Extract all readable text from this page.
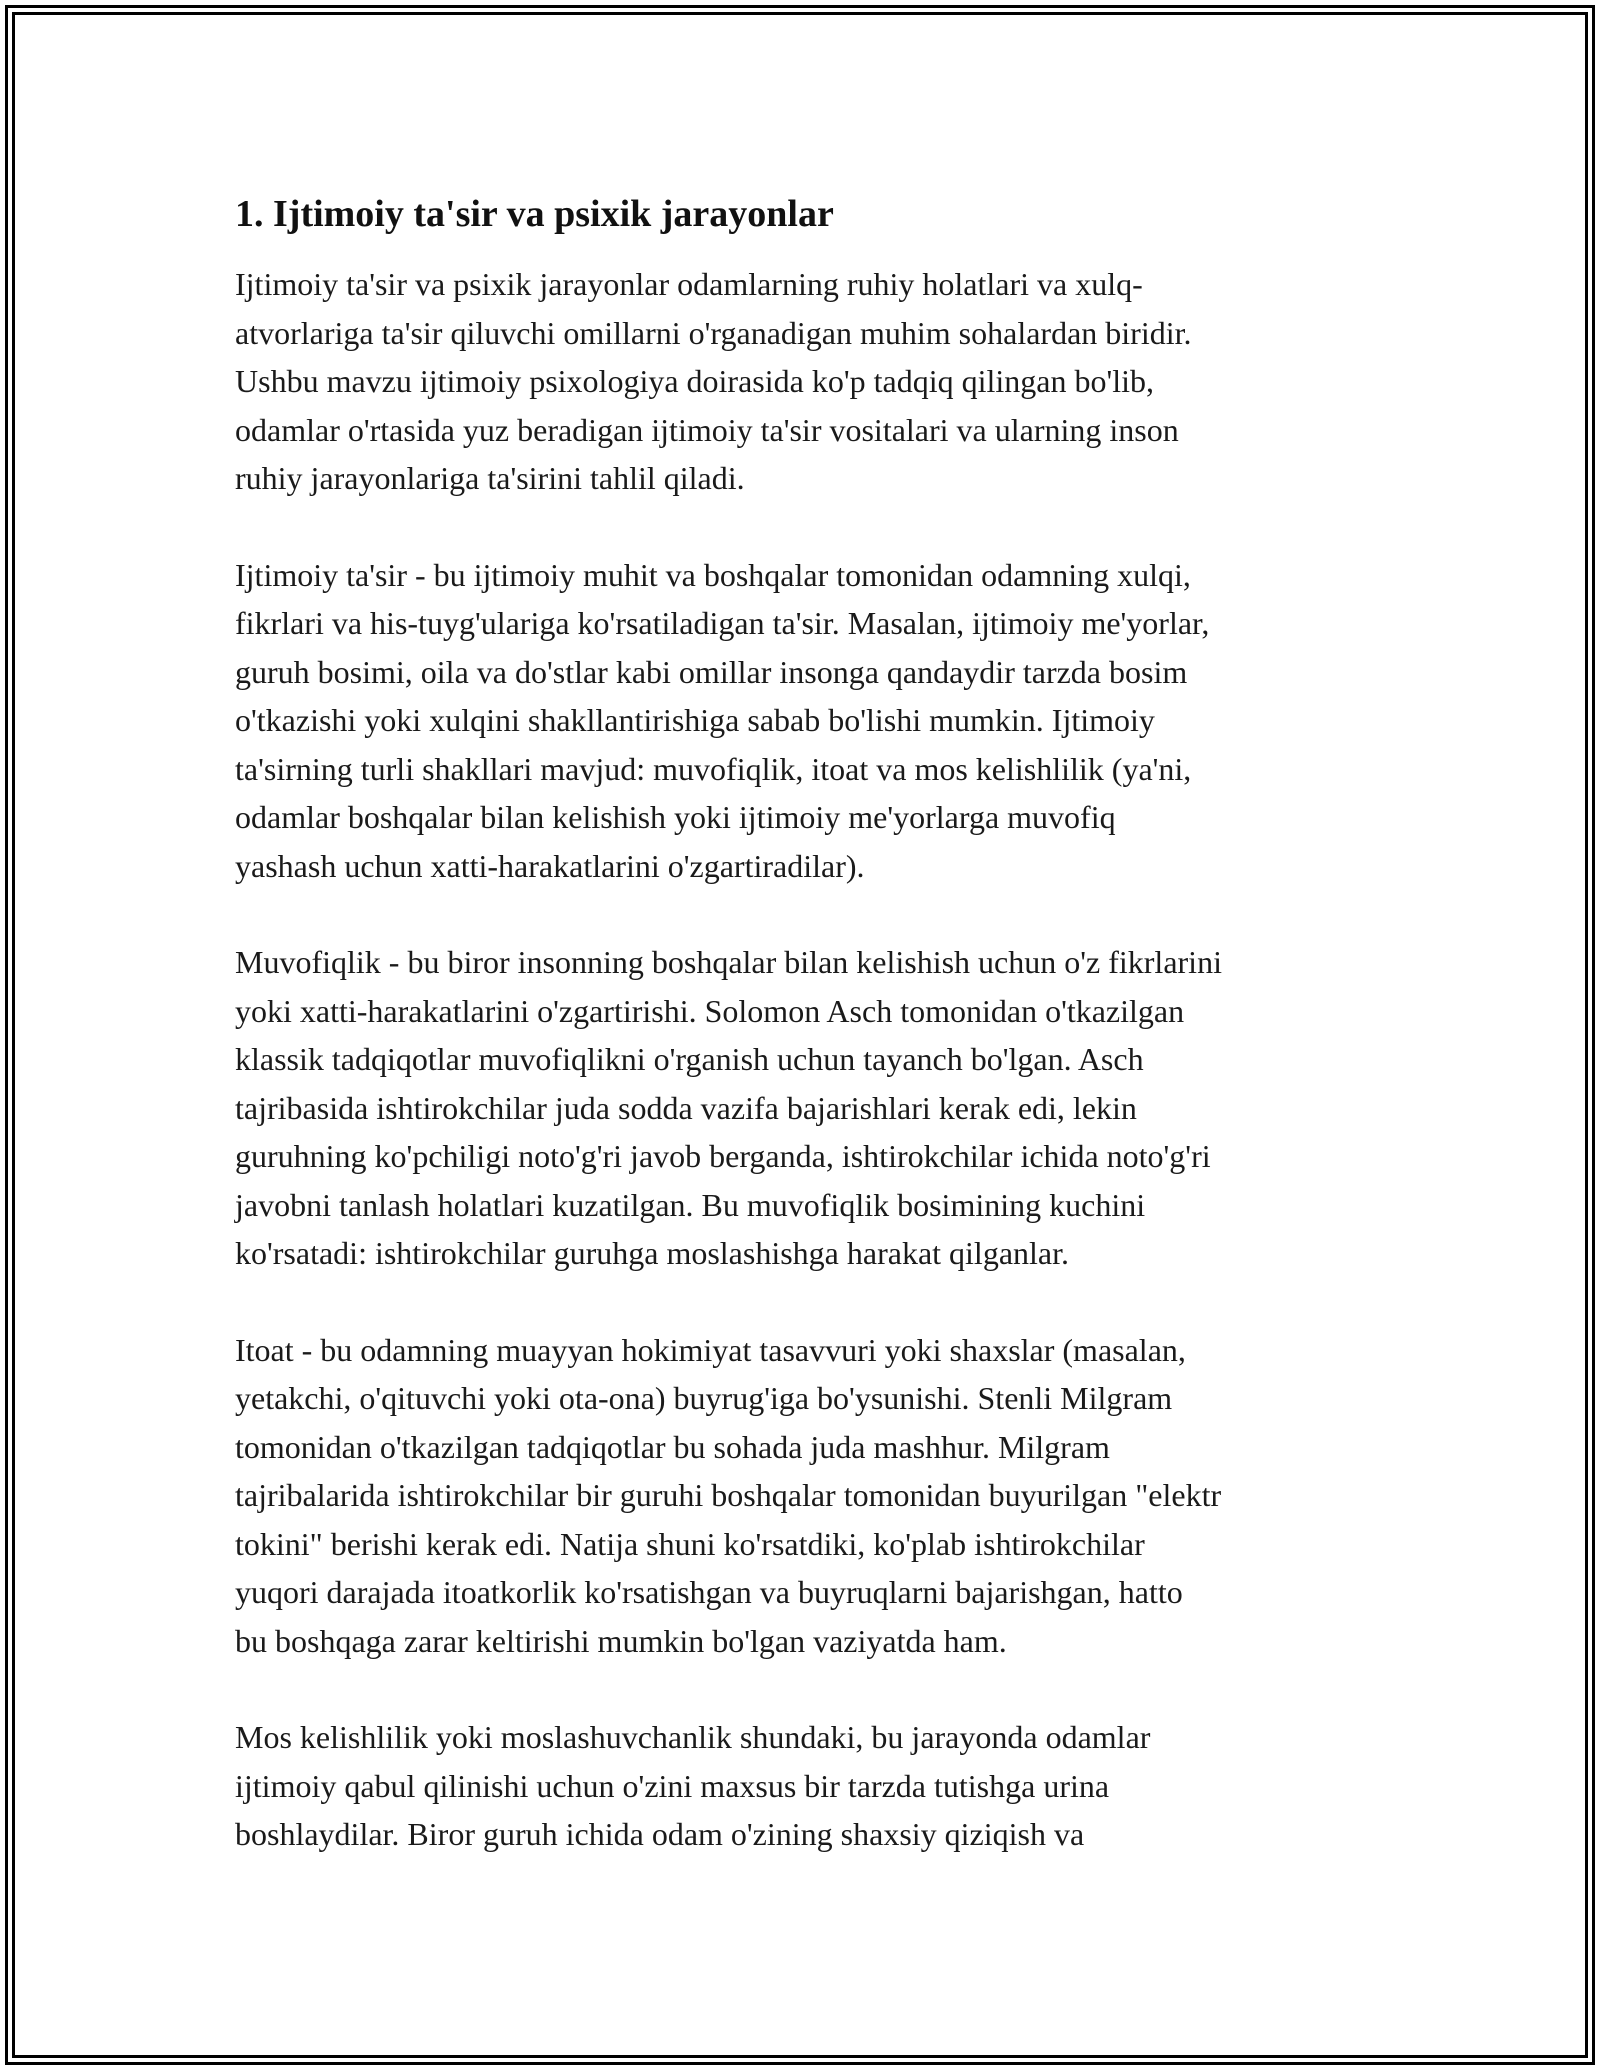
1. Ijtimoiy ta'sir va psixik jarayonlar
Ijtimoiy ta'sir va psixik jarayonlar odamlarning ruhiy holatlari va xulq-
atvorlariga ta'sir qiluvchi omillarni o'rganadigan muhim sohalardan biridir.
Ushbu mavzu ijtimoiy psixologiya doirasida ko'p tadqiq qilingan bo'lib,
odamlar o'rtasida yuz beradigan ijtimoiy ta'sir vositalari va ularning inson
ruhiy jarayonlariga ta'sirini tahlil qiladi.
Ijtimoiy ta'sir - bu ijtimoiy muhit va boshqalar tomonidan odamning xulqi,
fikrlari va his-tuyg'ulariga ko'rsatiladigan ta'sir. Masalan, ijtimoiy me'yorlar,
guruh bosimi, oila va do'stlar kabi omillar insonga qandaydir tarzda bosim
o'tkazishi yoki xulqini shakllantirishiga sabab bo'lishi mumkin. Ijtimoiy
ta'sirning turli shakllari mavjud: muvofiqlik, itoat va mos kelishlilik (ya'ni,
odamlar boshqalar bilan kelishish yoki ijtimoiy me'yorlarga muvofiq
yashash uchun xatti-harakatlarini o'zgartiradilar).
Muvofiqlik - bu biror insonning boshqalar bilan kelishish uchun o'z fikrlarini
yoki xatti-harakatlarini o'zgartirishi. Solomon Asch tomonidan o'tkazilgan
klassik tadqiqotlar muvofiqlikni o'rganish uchun tayanch bo'lgan. Asch
tajribasida ishtirokchilar juda sodda vazifa bajarishlari kerak edi, lekin
guruhning ko'pchiligi noto'g'ri javob berganda, ishtirokchilar ichida noto'g'ri
javobni tanlash holatlari kuzatilgan. Bu muvofiqlik bosimining kuchini
ko'rsatadi: ishtirokchilar guruhga moslashishga harakat qilganlar.
Itoat - bu odamning muayyan hokimiyat tasavvuri yoki shaxslar (masalan,
yetakchi, o'qituvchi yoki ota-ona) buyrug'iga bo'ysunishi. Stenli Milgram
tomonidan o'tkazilgan tadqiqotlar bu sohada juda mashhur. Milgram
tajribalarida ishtirokchilar bir guruhi boshqalar tomonidan buyurilgan "elektr
tokini" berishi kerak edi. Natija shuni ko'rsatdiki, ko'plab ishtirokchilar
yuqori darajada itoatkorlik ko'rsatishgan va buyruqlarni bajarishgan, hatto
bu boshqaga zarar keltirishi mumkin bo'lgan vaziyatda ham.
Mos kelishlilik yoki moslashuvchanlik shundaki, bu jarayonda odamlar
ijtimoiy qabul qilinishi uchun o'zini maxsus bir tarzda tutishga urina
boshlaydilar. Biror guruh ichida odam o'zining shaxsiy qiziqish va
